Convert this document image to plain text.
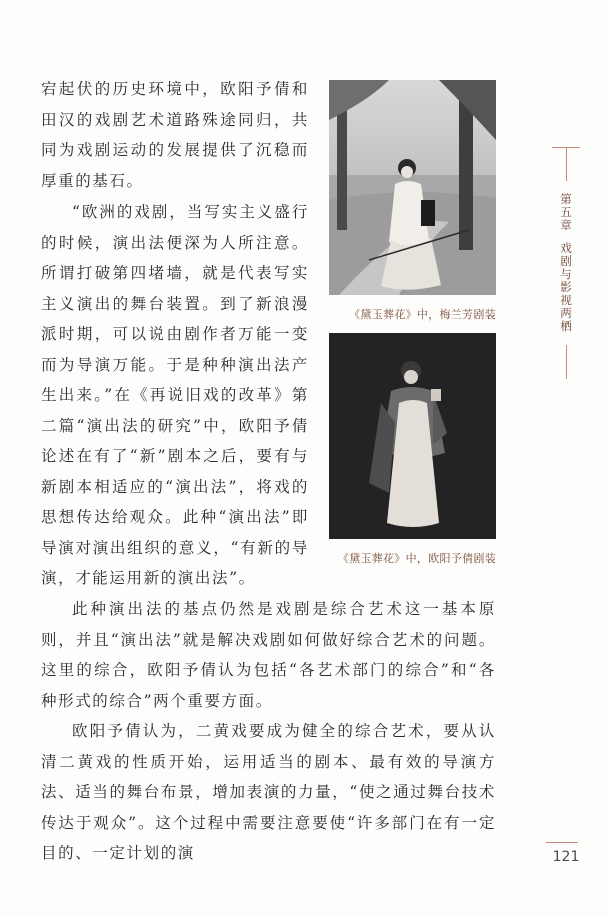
宕起伏的历史环境中，欧阳予倩和田汉的戏剧艺术道路殊途同归，共同为戏剧运动的发展提供了沉稳而厚重的基石。

“欧洲的戏剧，当写实主义盛行的时候，演出法便深为人所注意。所谓打破第四堵墙，就是代表写实主义演出的舞台装置。到了新浪漫派时期，可以说由剧作者万能一变而为导演万能。于是种种演出法产生出来。”在《再说旧戏的改革》第二篇“演出法的研究”中，欧阳予倩论述在有了“新”剧本之后，要有与新剧本相适应的“演出法”，将戏的思想传达给观众。此种“演出法”即导演对演出组织的意义，“有新的导演，才能运用新的演出法”。

《黛玉葬花》中，梅兰芳剧装
《黛玉葬花》中，欧阳予倩剧装

此种演出法的基点仍然是戏剧是综合艺术这一基本原则，并且“演出法”就是解决戏剧如何做好综合艺术的问题。这里的综合，欧阳予倩认为包括“各艺术部门的综合”和“各种形式的综合”两个重要方面。

欧阳予倩认为，二黄戏要成为健全的综合艺术，要从认清二黄戏的性质开始，运用适当的剧本、最有效的导演方法、适当的舞台布景，增加表演的力量，“使之通过舞台技术传达于观众”。这个过程中需要注意要使“许多部门在有一定目的、一定计划的演

第五章
戏剧与影视两栖
121
